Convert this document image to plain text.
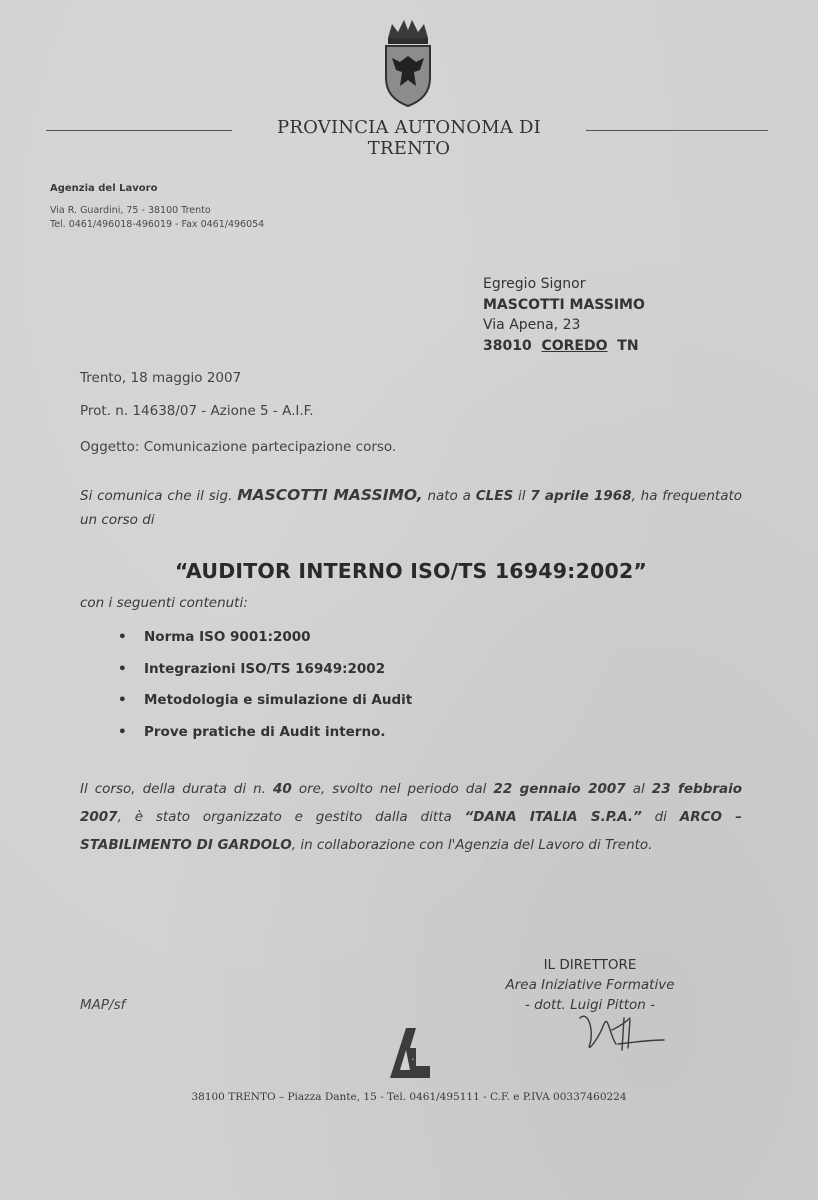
PROVINCIA AUTONOMA DI TRENTO
Agenzia del Lavoro
Via R. Guardini, 75 - 38100 Trento
Tel. 0461/496018-496019 - Fax 0461/496054
Egregio Signor
MASCOTTI MASSIMO
Via Apena, 23
38010 COREDO TN
Trento, 18 maggio 2007
Prot. n. 14638/07 - Azione 5 - A.I.F.
Oggetto: Comunicazione partecipazione corso.
Si comunica che il sig. MASCOTTI MASSIMO, nato a CLES il 7 aprile 1968, ha frequentato un corso di
“AUDITOR INTERNO ISO/TS 16949:2002”
con i seguenti contenuti:
• Norma ISO 9001:2000
• Integrazioni ISO/TS 16949:2002
• Metodologia e simulazione di Audit
• Prove pratiche di Audit interno.
Il corso, della durata di n. 40 ore, svolto nel periodo dal 22 gennaio 2007 al 23 febbraio 2007, è stato organizzato e gestito dalla ditta “DANA ITALIA S.P.A.” di ARCO – STABILIMENTO DI GARDOLO, in collaborazione con l'Agenzia del Lavoro di Trento.
IL DIRETTORE
Area Iniziative Formative
- dott. Luigi Pitton -
MAP/sf
AL
38100 TRENTO – Piazza Dante, 15 - Tel. 0461/495111 - C.F. e P.IVA 00337460224
